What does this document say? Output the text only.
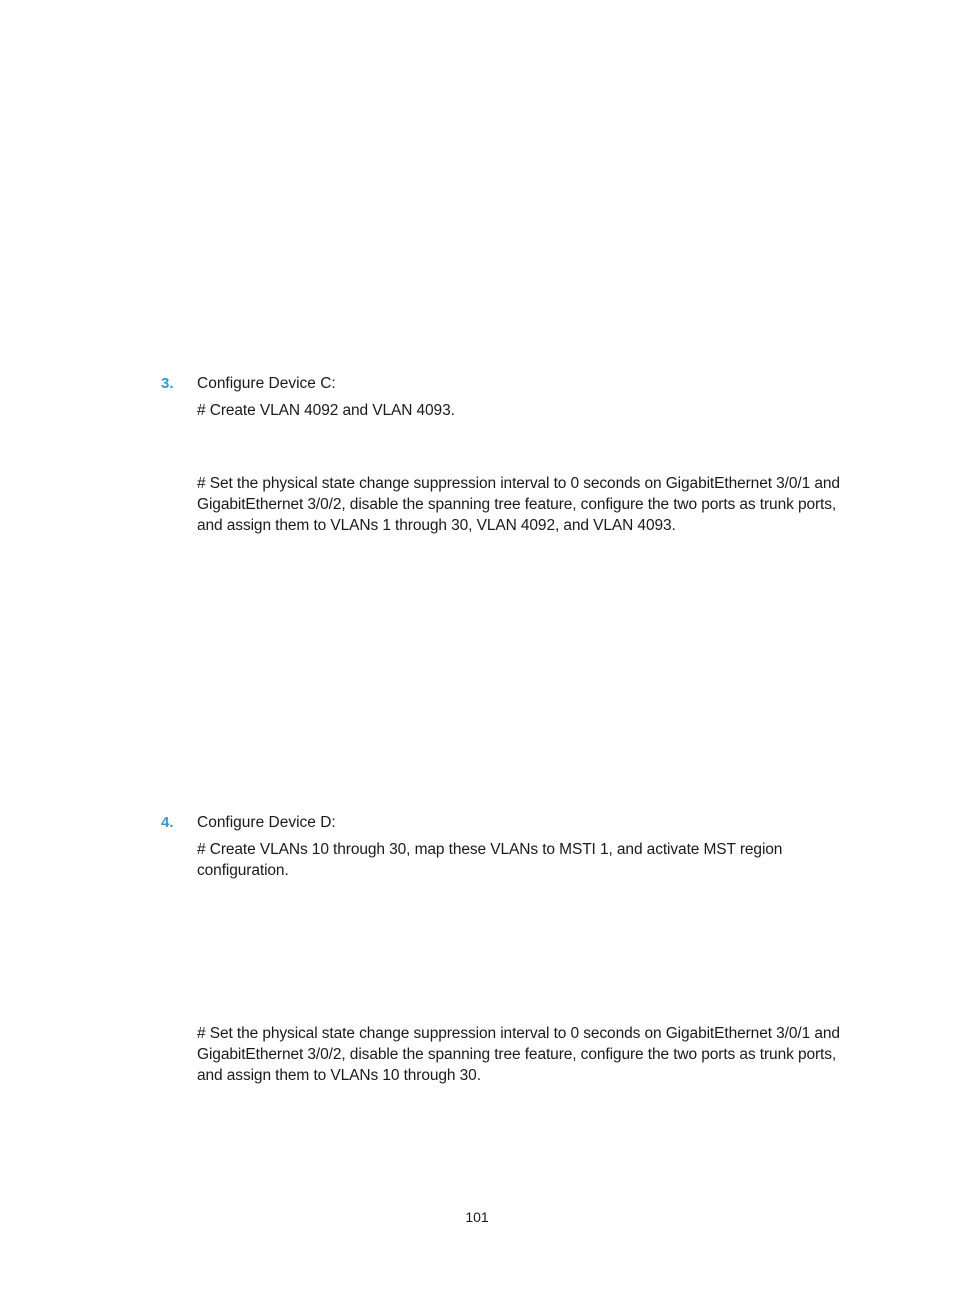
3. Configure Device C:
# Create VLAN 4092 and VLAN 4093.
# Set the physical state change suppression interval to 0 seconds on GigabitEthernet 3/0/1 and
GigabitEthernet 3/0/2, disable the spanning tree feature, configure the two ports as trunk ports,
and assign them to VLANs 1 through 30, VLAN 4092, and VLAN 4093.
4. Configure Device D:
# Create VLANs 10 through 30, map these VLANs to MSTI 1, and activate MST region
configuration.
# Set the physical state change suppression interval to 0 seconds on GigabitEthernet 3/0/1 and
GigabitEthernet 3/0/2, disable the spanning tree feature, configure the two ports as trunk ports,
and assign them to VLANs 10 through 30.
101
